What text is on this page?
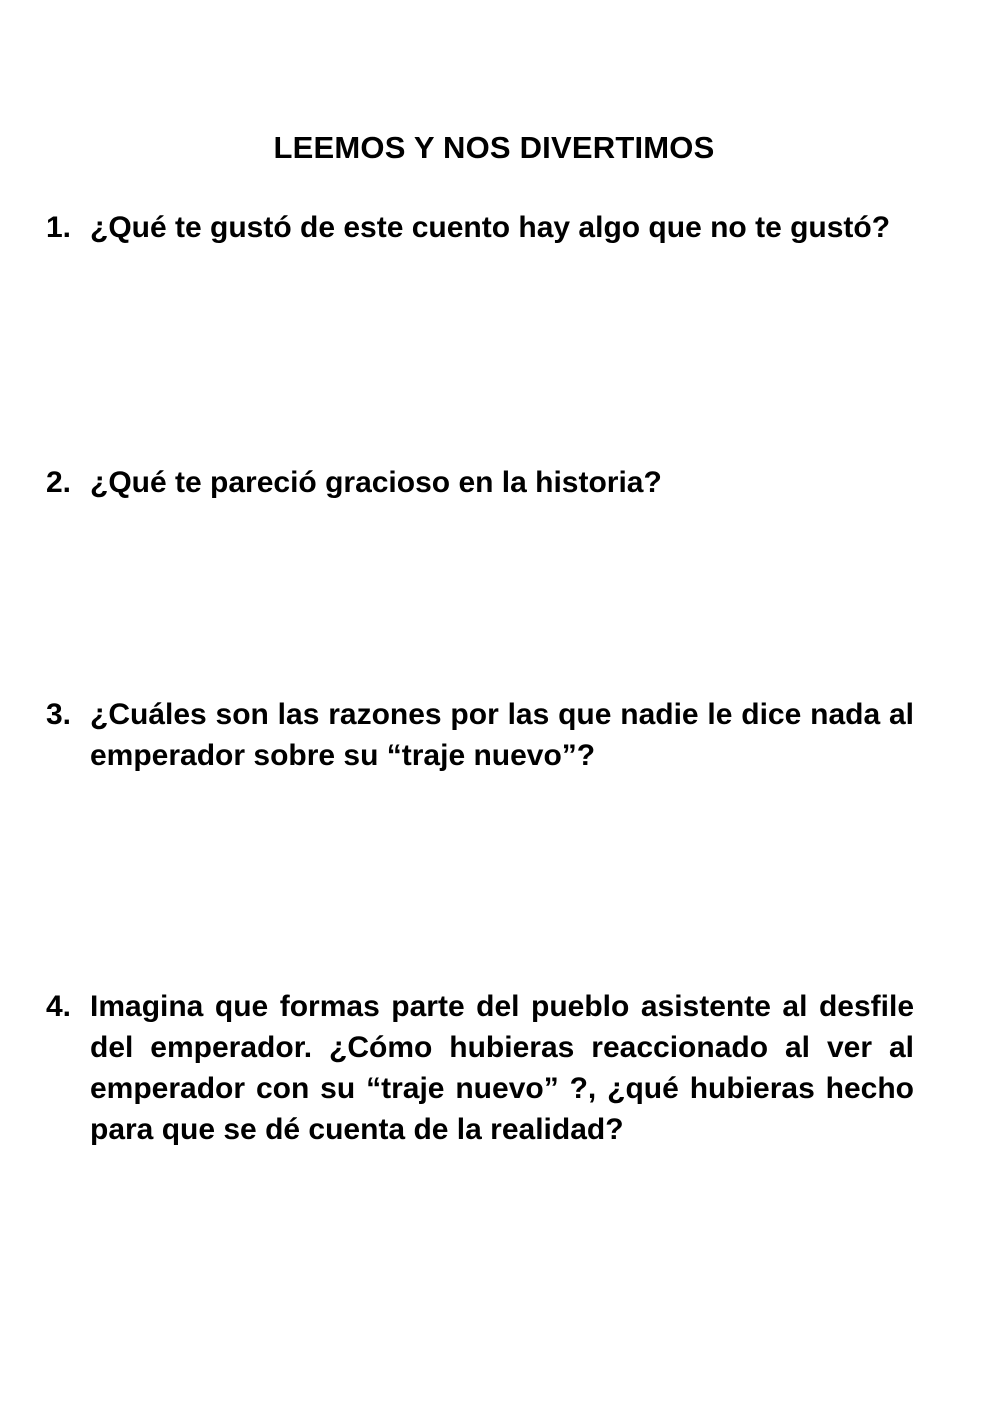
LEEMOS Y NOS DIVERTIMOS
1. ¿Qué te gustó de este cuento hay algo que no te gustó?
2. ¿Qué te pareció gracioso en la historia?
3. ¿Cuáles son las razones por las que nadie le dice nada al emperador sobre su “traje nuevo”?
4. Imagina que formas parte del pueblo asistente al desfile del emperador. ¿Cómo hubieras reaccionado al ver al emperador con su “traje nuevo” ?, ¿qué hubieras hecho para que se dé cuenta de la realidad?
